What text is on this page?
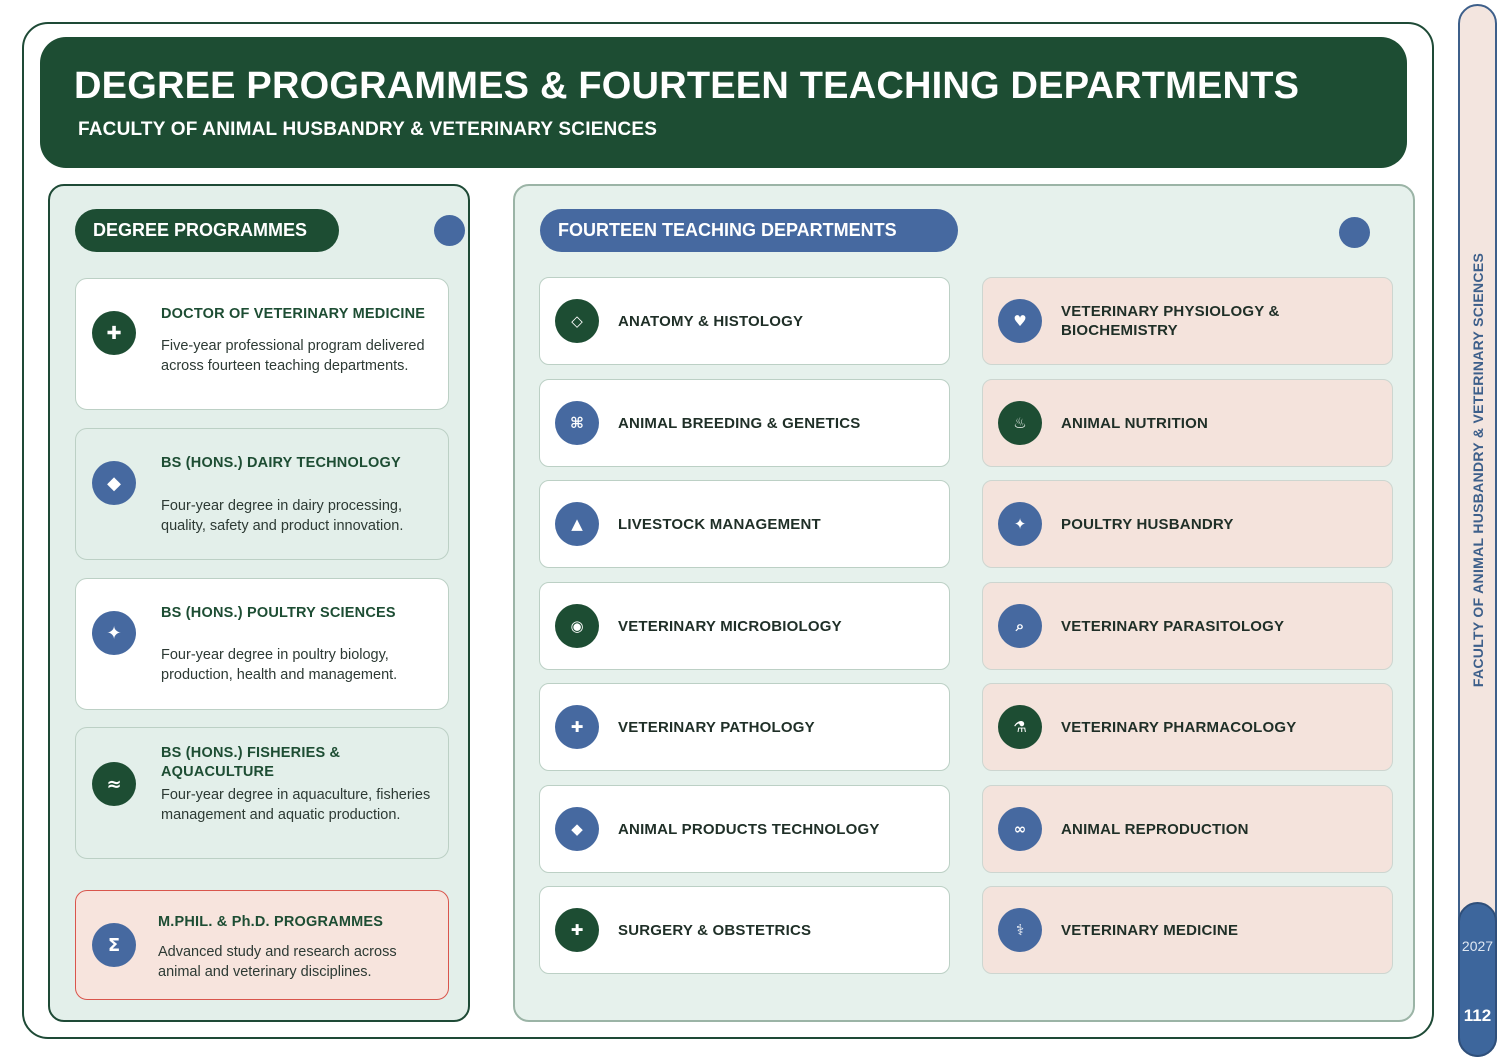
DEGREE PROGRAMMES & FOURTEEN TEACHING DEPARTMENTS
FACULTY OF ANIMAL HUSBANDRY & VETERINARY SCIENCES
DEGREE PROGRAMMES
✚
DOCTOR OF VETERINARY MEDICINE
Five-year professional program delivered across fourteen teaching departments.
◆
BS (HONS.) DAIRY TECHNOLOGY
Four-year degree in dairy processing, quality, safety and product innovation.
✦
BS (HONS.) POULTRY SCIENCES
Four-year degree in poultry biology, production, health and management.
≈
BS (HONS.) FISHERIES & AQUACULTURE
Four-year degree in aquaculture, fisheries management and aquatic production.
Σ
M.PHIL. & Ph.D. PROGRAMMES
Advanced study and research across animal and veterinary disciplines.
FOURTEEN TEACHING DEPARTMENTS
◇	ANATOMY & HISTOLOGY
⌘	ANIMAL BREEDING & GENETICS
▲	LIVESTOCK MANAGEMENT
◉	VETERINARY MICROBIOLOGY
✚	VETERINARY PATHOLOGY
◆	ANIMAL PRODUCTS TECHNOLOGY
✚	SURGERY & OBSTETRICS
♥
VETERINARY PHYSIOLOGY & BIOCHEMISTRY
♨	ANIMAL NUTRITION
✦	POULTRY HUSBANDRY
⌕	VETERINARY PARASITOLOGY
⚗	VETERINARY PHARMACOLOGY
∞	ANIMAL REPRODUCTION
⚕	VETERINARY MEDICINE
FACULTY OF ANIMAL HUSBANDRY & VETERINARY SCIENCES
2027
112
